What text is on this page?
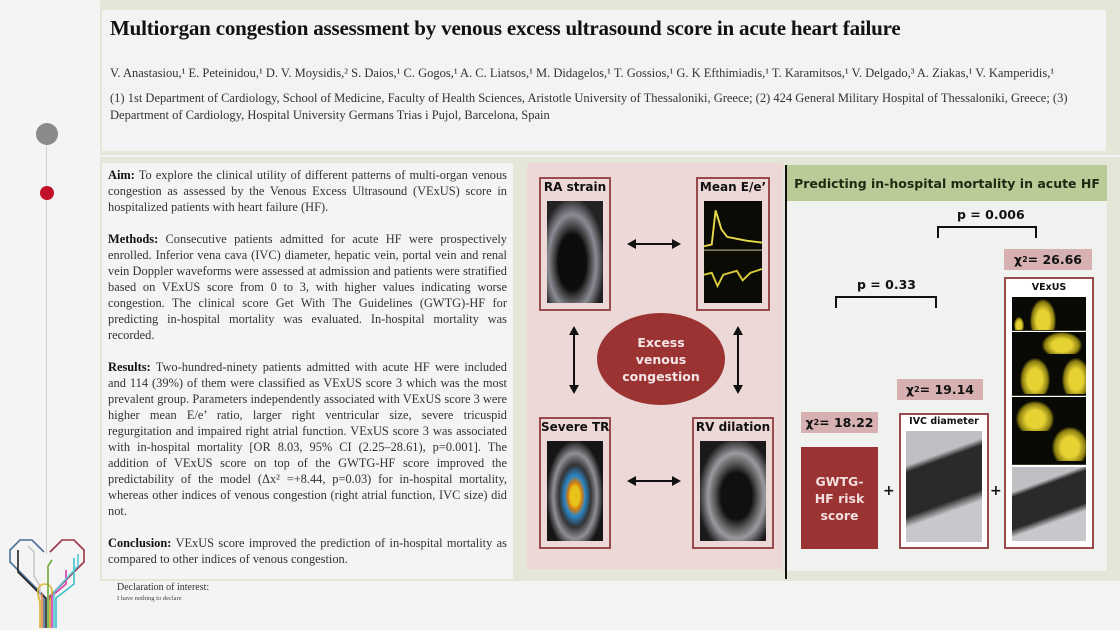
Multiorgan congestion assessment by venous excess ultrasound score in acute heart failure
V. Anastasiou,¹ E. Peteinidou,¹ D. V. Moysidis,² S. Daios,¹ C. Gogos,¹ A. C. Liatsos,¹ M. Didagelos,¹ T. Gossios,¹ G. K Efthimiadis,¹ T. Karamitsos,¹ V. Delgado,³ A. Ziakas,¹ V. Kamperidis,¹
(1) 1st Department of Cardiology, School of Medicine, Faculty of Health Sciences, Aristotle University of Thessaloniki, Greece; (2) 424 General Military Hospital of Thessaloniki, Greece; (3) Department of Cardiology, Hospital University Germans Trias i Pujol, Barcelona, Spain

Aim: To explore the clinical utility of different patterns of multi-organ venous congestion as assessed by the Venous Excess Ultrasound (VExUS) score in hospitalized patients with heart failure (HF).

Methods: Consecutive patients admitted for acute HF were prospectively enrolled. Inferior vena cava (IVC) diameter, hepatic vein, portal vein and renal vein Doppler waveforms were assessed at admission and patients were stratified based on VExUS score from 0 to 3, with higher values indicating worse congestion. The clinical score Get With The Guidelines (GWTG)-HF for predicting in-hospital mortality was evaluated. In-hospital mortality was recorded.

Results: Two-hundred-ninety patients admitted with acute HF were included and 114 (39%) of them were classified as VExUS score 3 which was the most prevalent group. Parameters independently associated with VExUS score 3 were higher mean E/e’ ratio, larger right ventricular size, severe tricuspid regurgitation and impaired right atrial function. VExUS score 3 was associated with in-hospital mortality [OR 8.03, 95% CI (2.25–28.61), p=0.001]. The addition of VExUS score on top of the GWTG-HF score improved the predictability of the model (Δx² =+8.44, p=0.03) for in-hospital mortality, whereas other indices of venous congestion (right atrial function, IVC size) did not.

Conclusion: VExUS score improved the prediction of in-hospital mortality as compared to other indices of venous congestion.

Declaration of interest:
I have nothing to declare
RA strain	Mean E/e’
Excess
venous
congestion
Severe TR	RV dilation
Predicting in-hospital mortality in acute HF
p = 0.006
χ 2 = 26.66
p = 0.33
χ 2 = 19.14
χ 2 = 18.22
GWTG-
HF risk
score
+
IVC diameter
+
VExUS
